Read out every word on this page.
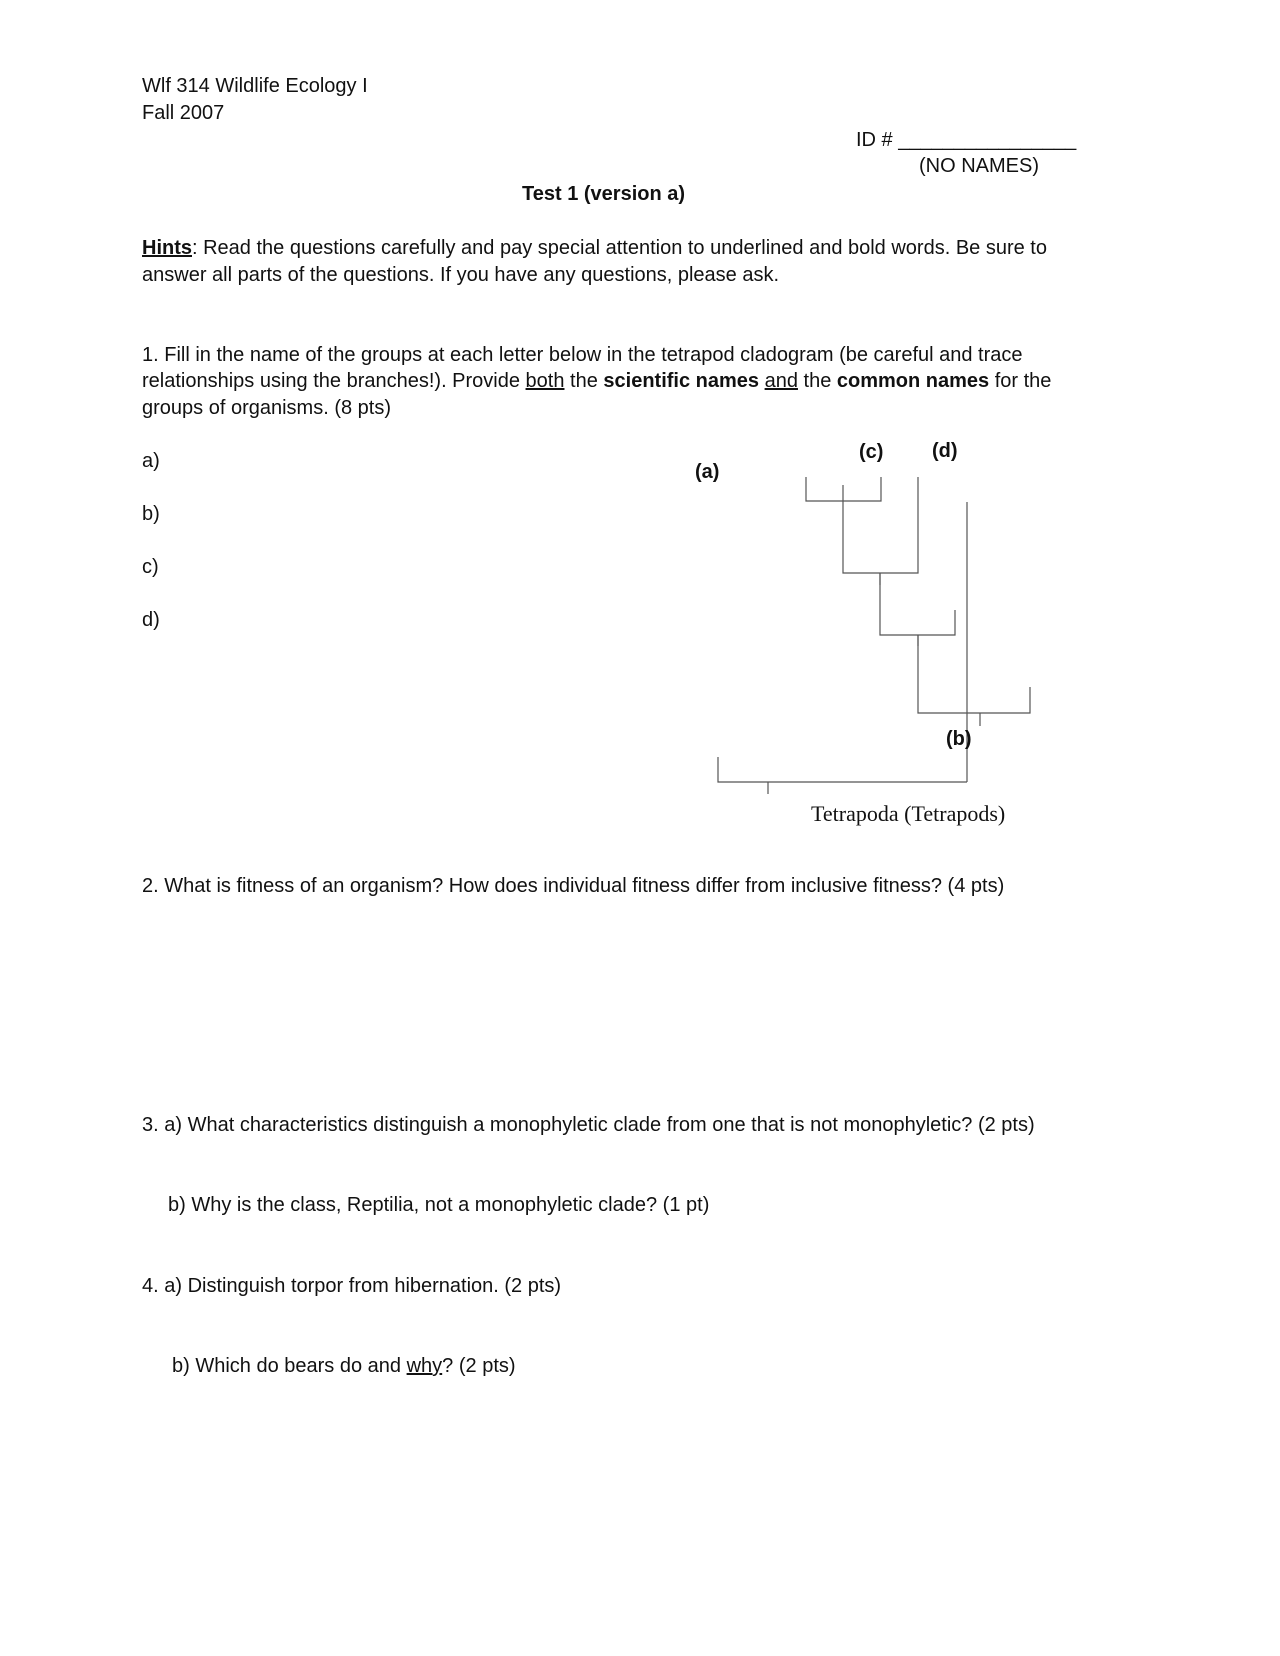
Wlf 314 Wildlife Ecology I
Fall 2007
ID # ________________
(NO NAMES)
Test 1 (version a)
Hints: Read the questions carefully and pay special attention to underlined and bold words. Be sure to
answer all parts of the questions. If you have any questions, please ask.
1. Fill in the name of the groups at each letter below in the tetrapod cladogram (be careful and trace
relationships using the branches!). Provide both the scientific names and the common names for the
groups of organisms. (8 pts)
a)
b)
c)
d)
(a)
(c) (d)
(b)
Tetrapoda (Tetrapods)
2. What is fitness of an organism? How does individual fitness differ from inclusive fitness? (4 pts)
3. a) What characteristics distinguish a monophyletic clade from one that is not monophyletic? (2 pts)
b) Why is the class, Reptilia, not a monophyletic clade? (1 pt)
4. a) Distinguish torpor from hibernation. (2 pts)
b) Which do bears do and why? (2 pts)
